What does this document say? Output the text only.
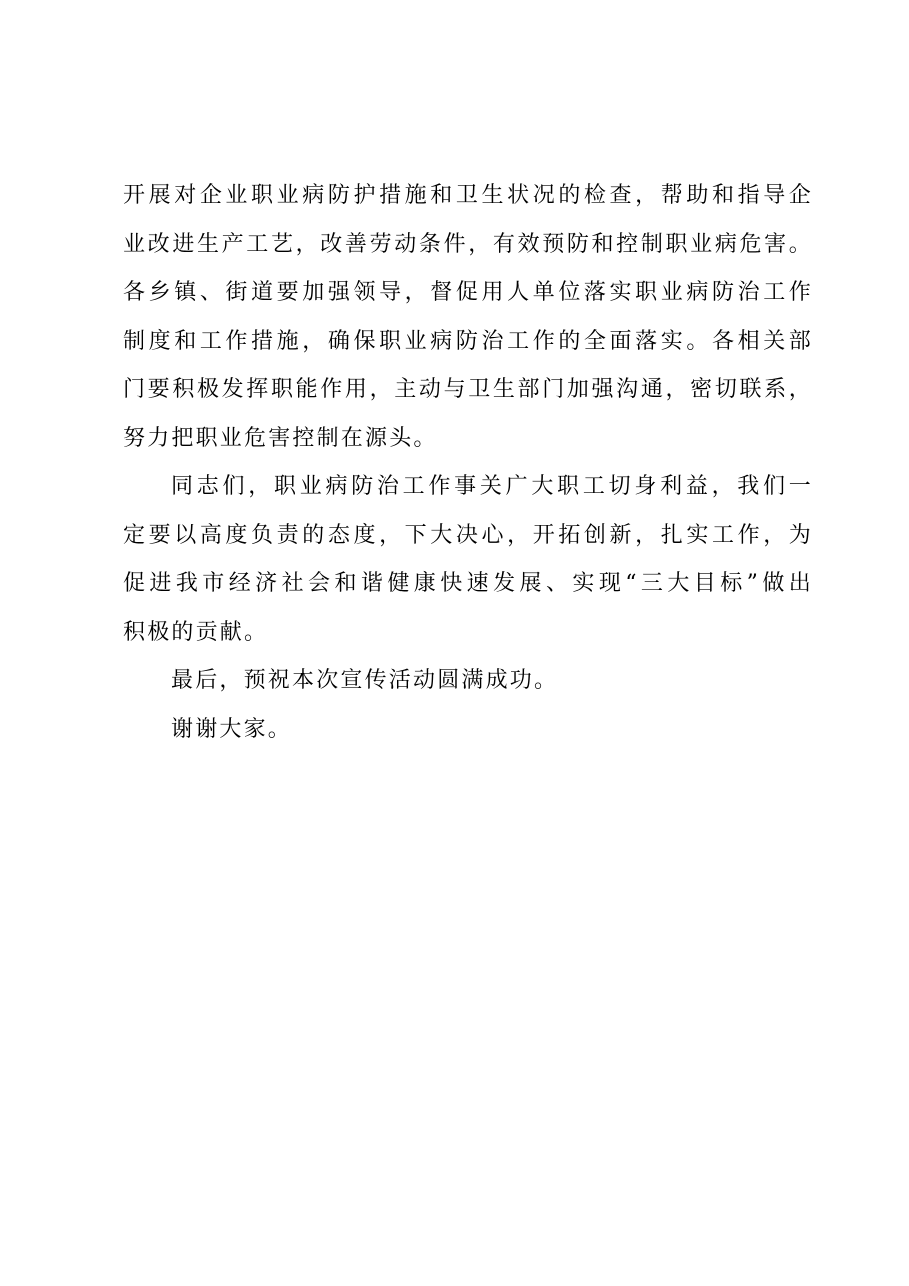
开展对企业职业病防护措施和卫生状况的检查，帮助和指导企
业改进生产工艺，改善劳动条件，有效预防和控制职业病危害。
各乡镇、街道要加强领导，督促用人单位落实职业病防治工作
制度和工作措施，确保职业病防治工作的全面落实。各相关部
门要积极发挥职能作用，主动与卫生部门加强沟通，密切联系，
努力把职业危害控制在源头。
同志们，职业病防治工作事关广大职工切身利益，我们一
定要以高度负责的态度，下大决心，开拓创新，扎实工作，为
促进我市经济社会和谐健康快速发展、实现“三大目标”做出
积极的贡献。
最后，预祝本次宣传活动圆满成功。
谢谢大家。
